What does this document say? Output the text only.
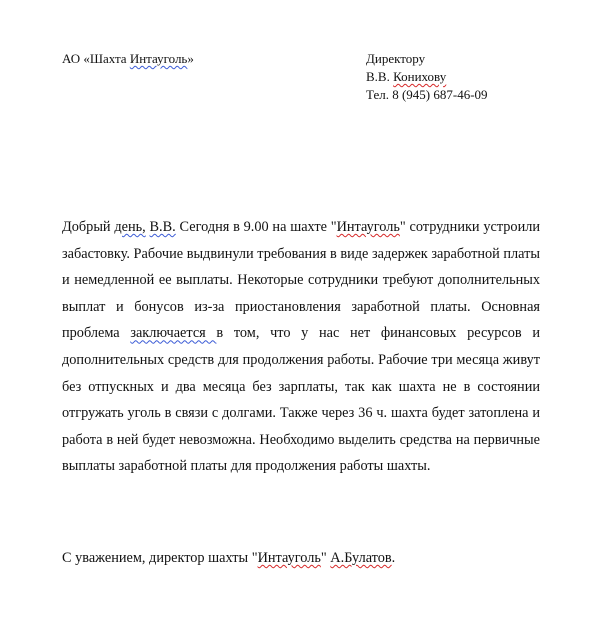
АО «Шахта Интауголь»	Директору
В.В. Конихову
Тел. 8 (945) 687-46-09

Добрый день, В.В. Сегодня в 9.00 на шахте "Интауголь" сотрудники устроили забастовку. Рабочие выдвинули требования в виде задержек заработной платы и немедленной ее выплаты. Некоторые сотрудники требуют дополнительных выплат и бонусов из-за приостановления заработной платы. Основная проблема заключается в том, что у нас нет финансовых ресурсов и дополнительных средств для продолжения работы. Рабочие три месяца живут без отпускных и два месяца без зарплаты, так как шахта не в состоянии отгружать уголь в связи с долгами. Также через 36 ч. шахта будет затоплена и работа в ней будет невозможна. Необходимо выделить средства на первичные выплаты заработной платы для продолжения работы шахты.

С уважением, директор шахты "Интауголь" А.Булатов.
